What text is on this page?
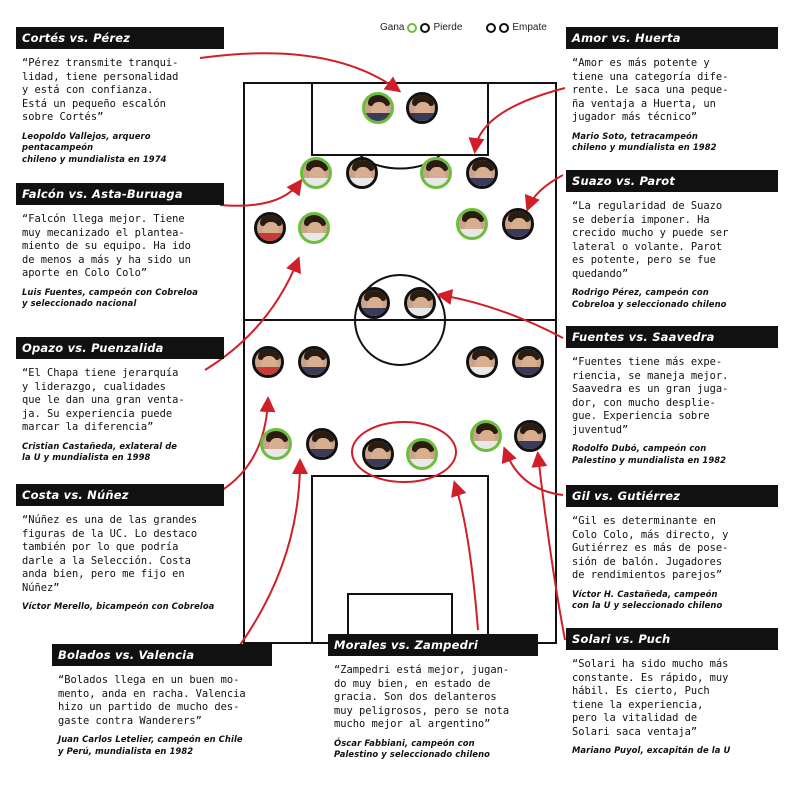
Gana	Pierde	Empate
Cortés vs. Pérez
“Pérez transmite tranqui-
lidad, tiene personalidad
y está con confianza.
Está un pequeño escalón
sobre Cortés”
Leopoldo Vallejos, arquero
pentacampeón
chileno y mundialista en 1974
Falcón vs. Asta-Buruaga
“Falcón llega mejor. Tiene
muy mecanizado el plantea-
miento de su equipo. Ha ido
de menos a más y ha sido un
aporte en Colo Colo”
Luis Fuentes, campeón con Cobreloa
y seleccionado nacional
Opazo vs. Puenzalida
“El Chapa tiene jerarquía
y liderazgo, cualidades
que le dan una gran venta-
ja. Su experiencia puede
marcar la diferencia”
Cristian Castañeda, exlateral de
la U y mundialista en 1998
Costa vs. Núñez
“Núñez es una de las grandes
figuras de la UC. Lo destaco
también por lo que podría
darle a la Selección. Costa
anda bien, pero me fijo en
Núñez”
Víctor Merello, bicampeón con Cobreloa
Bolados vs. Valencia
“Bolados llega en un buen mo-
mento, anda en racha. Valencia
hizo un partido de mucho des-
gaste contra Wanderers”
Juan Carlos Letelier, campeón en Chile
y Perú, mundialista en 1982
Morales vs. Zampedri
“Zampedri está mejor, jugan-
do muy bien, en estado de
gracia. Son dos delanteros
muy peligrosos, pero se nota
mucho mejor al argentino”
Óscar Fabbiani, campeón con
Palestino y seleccionado chileno
Amor vs. Huerta
“Amor es más potente y
tiene una categoría dife-
rente. Le saca una peque-
ña ventaja a Huerta, un
jugador más técnico”
Mario Soto, tetracampeón
chileno y mundialista en 1982
Suazo vs. Parot
“La regularidad de Suazo
se debería imponer. Ha
crecido mucho y puede ser
lateral o volante. Parot
es potente, pero se fue
quedando”
Rodrigo Pérez, campeón con
Cobreloa y seleccionado chileno
Fuentes vs. Saavedra
“Fuentes tiene más expe-
riencia, se maneja mejor.
Saavedra es un gran juga-
dor, con mucho desplie-
gue. Experiencia sobre
juventud”
Rodolfo Dubó, campeón con
Palestino y mundialista en 1982
Gil vs. Gutiérrez
“Gil es determinante en
Colo Colo, más directo, y
Gutiérrez es más de pose-
sión de balón. Jugadores
de rendimientos parejos”
Víctor H. Castañeda, campeón
con la U y seleccionado chileno
Solari vs. Puch
“Solari ha sido mucho más
constante. Es rápido, muy
hábil. Es cierto, Puch
tiene la experiencia,
pero la vitalidad de
Solari saca ventaja”
Mariano Puyol, excapitán de la U
